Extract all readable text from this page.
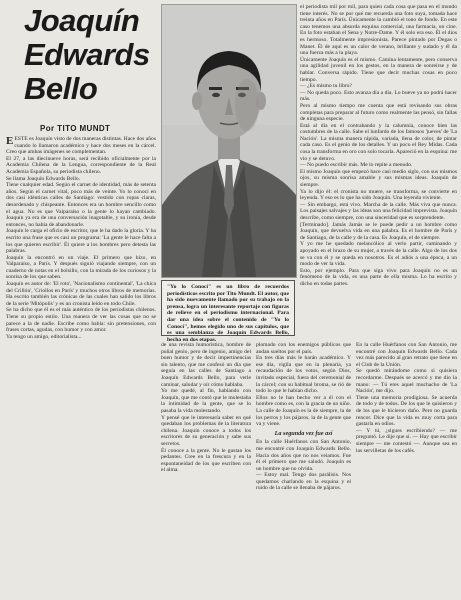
Joaquín
Edwards
Bello
Por TITO MUNDT
"Yo lo Conocí" es un libro de recuerdos periodísticos escrito por Tito Mundt. El autor, que ha sido nuevamente llamado por su trabajo en la prensa, logra un interesante reportaje con figuras de relieve en el periodismo internacional. Para dar una idea sobre el contenido de "Yo lo Conocí", hemos elegido uno de sus capítulos, que es una semblanza de Joaquín Edwards Bello, hecha en dos etapas.

EESTE es Joaquín visto de dos maneras distintas. Hace dos años cuando lo llamaron académico y hace dos meses en la cárcel. Creo que ambas imágenes se complementan.

El 27, a las diecinueve horas, será recibido oficialmente por la Academia Chilena de la Lengua, correspondiente de la Real Academia Española, su periodista chileno.

Se llama Joaquín Edwards Bello.

Tiene cualquier edad. Según el carnet de identidad, más de setenta años. Según el carnet vital, poco más de veinte. Yo lo conocí en dos casi idénticas calles de Santiago: vestido con ropas claras, desordenado y chispeante. Entonces era un hombre sencillo como el agua. No es que Valparaíso o la gente lo hayan cambiado. Joaquín ya era de una conversación inagotable, y su ironía, desde entonces, no había de abandonarle.

Joaquín le carga el oficio de escritor, que le ha dado la gloria. Y ha escrito una frase que es casi un programa: 'La gente le hace falta a los que quieren escribir'. Él quiere a los hombres pero detesta las palabras.

Joaquín la encontró en un viaje. El primero que hizo, en Valparaíso, a París. Y después siguió viajando siempre, con un cuaderno de notas en el bolsillo, con la mirada de los curiosos y la sonrisa de los que saben.

Joaquín es autor de: 'El roto', 'Nacionalismo continental', 'La chica del Crillón', 'Criollos en París' y muchos otros libros de memorias. Ha escrito también las crónicas de las cuales han salido los libros de la serie 'Mitópolis' y es un cronista leído en todo Chile.

Se ha dicho que él es el más auténtico de los periodistas chilenos. Tiene su propio estilo. Una manera de ver las cosas que no se parece a la de nadie. Escribe como habla: sin pretensiones, con frases cortas, agudas, con humor y con amor.

Ya tengo un amigo, editorialista...

el periodista mil por mil, para quien cada cosa que pasa en el mundo tiene interés. No se por qué me recuerda una foto suya, tomada hace treinta años en París. Únicamente la cambió el tono de fondo. En este caso tenemos una absurda esquina comercial, una farmacia, un cine. En la foto estaban el Sena y Notre-Dame. Y él solo era eso. Él el dios es hermoso. Totalmente impresionista. Parece pintado por Degas o Manet. Él de aquí es un calor de verano, brillante y sudado y él da una fuerza más a la playa.

Únicamente Joaquín es el mismo. Camina lentamente, pero conserva una agilidad juvenil en los gestos, en la manera de sonreírse y de hablar. Conversa rápido. Tiene que decir muchas cosas en poco tiempo.

— ¿Es mismo tu libro?

— No queda poco. Esto avanza día a día. Lo bueve ya no podrá hacer más.

Pero al mismo tiempo me cuenta que está revisando sus obras completas para preparar al futuro como realmente las pensó, sin fallas de ninguna especie.

Está al día en el contrabando y la calumnia, conoce bien las costumbres de la calle. Sabe el lunfardo de los famosos 'jueves' de 'La Nación'. La misma manera rápida, variada, llena de color, de pintar cada caso. Es el genio de los detalles. Y un poco el Rey Midas. Cada cosa la transforma en oro con solo tocarla. Apareció en la esquina: me vio y se detuvo.

— No puedo escribir más. Me lo repite a menudo.

El mismo Joaquín que empezó hace casi medio siglo, con sus mismos ojos, su misma sonrisa amable y sus mismas ideas. Joaquín de siempre.

Ya lo dijo él: el cronista no muere, se transforma, se convierte en leyenda. Y eso es lo que ha sido Joaquín. Una leyenda viviente.

— Sin embargo, está vivo. Marcha de la calle. Más viva que nunca. Los paisajes salvajes y las ideas son una felicidad imprevista. Joaquín describe, como siempre, con una sinceridad que es sorprendente.

[Terminado]. Jamás Jamás se le puede pedir a un hombre como Joaquín, que devuelva vida en una palabra. Es el hombre de París y de Santiago, de la calle y de la casa. Es Joaquín, el de siempre.

Y yo me he quedado melancólico al verlo partir, caminando y apoyado en el brazo de su mujer, a través de la calle. Algo de los dos se va con él y se queda en nosotros. Es el adiós a una época, a un modo de ver la vida.

Esto, por ejemplo. Para que siga vivo para Joaquín no es un fenómeno de la vida, es una parte de ella misma. Lo ha escrito y dicho en todas partes.

de una revista humorística, hombre de puñal genio, pero de ingenio, amigo del buen humor y de decir impertinencias sin talento, que me confesó un día que seguía en las calles de Santiago a Joaquín Edwards Bello, para verle caminar, saludar y oír cómo hablaba.

Yo me quedé, al fin, hablando con Joaquín, que me contó que le molestaba la intimidad de la gente, que se lo pasaba la vida molestando.

Y pensé que le interesaría saber en qué quedaban los problemas de la literatura chilena. Joaquín conoce a todos los escritores de su generación y sabe sus secretos.

Él conoce a la gente. No le gustan los pedantes. Cree en la frescura y en la espontaneidad de los que escriben con el alma.

plomado con los enemigos públicos que andan sueltos por el país.

En tres días más le harán académico. Y ese día, vigila que en la plenaria, ya recaudación de los votos, según Dios, invitado especial, fuera del ceremonial de la cárcel; con su habitual broma, se rió de todo lo que le habían dicho.

Ellos no le han hecho ver a él con el hombre como es, con la gracia de un niño. La calle de Joaquín es la de siempre, la de los perros y los pájaros, la de la gente que va y viene.

La segunda vez fue así

En la calle Huérfanos con San Antonio, me encontré con Joaquín Edwards Bello. Hacía dos años que no nos veíamos. Fue él el primero que me saludó. Joaquín es un hombre que no olvida.

— Estoy mal. Tengo dos parálisis. Nos quedamos charlando en la esquina y el ruido de la calle se llenaba de pájaros.

En la calle Huérfanos con San Antonio, me encontré con Joaquín Edwards Bello. Cada vez más parecido al gran retrato que tiene en el Club de la Unión.

Se quedó mirándome como si quisiera recordarme. Después se acercó y me dio la mano: — Tú eres aquel muchacho de 'La Nación', me dijo.

Tiene una memoria prodigiosa. Se acuerda de todo y de todos. De los que le quisieron y de los que le hicieron daño. Pero no guarda rencor. Dice que la vida es muy corta para gastarla en odios.

— Y tú, ¿sigues escribiendo? — me preguntó. Le dije que sí. — Hay que escribir siempre — me contestó —. Aunque sea en las servilletas de los cafés.
